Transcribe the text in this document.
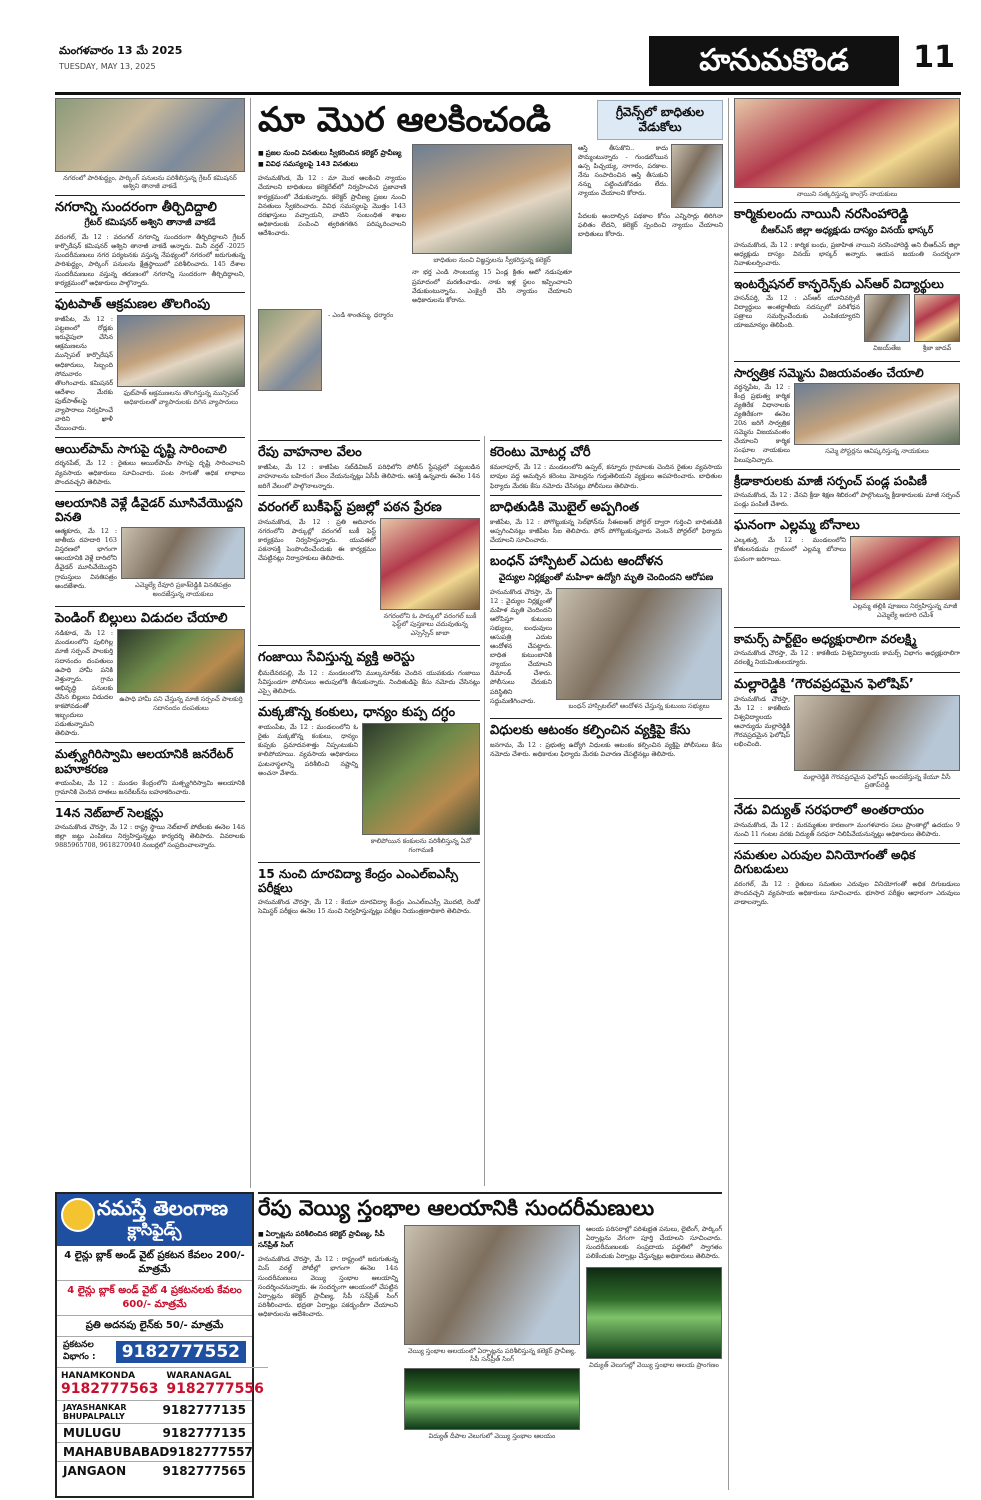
మంగళవారం 13 మే 2025
TUESDAY, MAY 13, 2025	హనుమకొండ	11
నగరంలో పారిశుద్ధ్యం, పార్కింగ్ పనులను పరిశీలిస్తున్న గ్రేటర్ కమిషనర్ అశ్విని తానాజీ వాకడే
నగరాన్ని సుందరంగా తీర్చిదిద్దాలి
గ్రేటర్ కమిషనర్ అశ్విని తానాజీ వాకడే
వరంగల్, మే 12 : వరంగల్ నగరాన్ని సుందరంగా తీర్చిదిద్దాలని గ్రేటర్ కార్పొరేషన్ కమిషనర్ అశ్విని తానాజీ వాకడే అన్నారు. మినీ వర్షల్ -2025 సుందరీమణులు నగర పర్యటనకు వస్తున్న నేపథ్యంలో నగరంలో జరుగుతున్న పారిశుద్ధ్యం, పార్కింగ్ పనులను క్షేత్రస్థాయిలో పరిశీలించారు. 145 దేశాల సుందరీమణులు వస్తున్న తరుణంలో నగరాన్ని సుందరంగా తీర్చిదిద్దాలని, కార్యక్రమంలో అధికారులు పాల్గొన్నారు.
ఫుటపాత్ ఆక్రమణల తొలగింపు
కాజీపేట, మే 12 : పట్టణంలో రోడ్లకు ఇరువైపులా చేసిన ఆక్రమణలను మున్సిపల్ కార్పొరేషన్ అధికారులు, సిబ్బంది సోమవారం తొలగించారు. కమిషనర్ ఆదేశాల మేరకు ఫుట్‌పాత్‌లపై వ్యాపారాలు నిర్వహించే వారిని ఖాళీ చేయించారు.
ఫుట్‌పాత్ ఆక్రమణలను తొలగిస్తున్న మున్సిపల్ అధికారులతో వ్యాపారులకు దిగిన వ్యాపారులు
ఆయిల్‌పామ్ సాగుపై దృష్టి సారించాలి
దర్శనపేట్, మే 12 : రైతులు ఆయిల్‌పామ్ సాగుపై దృష్టి సారించాలని వ్యవసాయ అధికారులు సూచించారు. పంట సాగుతో అధిక లాభాలు పొందవచ్చని తెలిపారు.
ఆలయానికి వెళ్లే డీవైడర్ మూసివేయొద్దని వినతి
ఆత్మకూరు, మే 12 : జాతీయ రహదారి 163 విస్తరణలో భాగంగా ఆలయానికి వెళ్లే దారిలోని డీవైడర్ మూసివేయొద్దని గ్రామస్తులు వినతిపత్రం అందజేశారు.	ఎమ్మెల్యే రేవూరి ప్రకాశ్‌రెడ్డికి వినతిపత్రం అందజేస్తున్న నాయకులు
పెండింగ్ బిల్లులు విడుదల చేయాలి
నడికూడ, మే 12 : మండలంలోని పులిగిల్ల మాజీ సర్పంచ్ పాలకుర్తి సదానందం దంపతులు ఉపాధి హామీ పనికి వెళ్తున్నారు. గ్రామ అభివృద్ధి పనులకు చేసిన బిల్లులు విడుదల కాకపోవడంతో ఇబ్బందులు పడుతున్నామని తెలిపారు.
ఉపాధి హామీ పని చేస్తున్న మాజీ సర్పంచ్ పాలకుర్తి సదానందం దంపతులు
మత్స్యగిరిస్వామి ఆలయానికి జనరేటర్ బహూకరణ
శాయంపేట, మే 12 : మండల కేంద్రంలోని మత్స్యగిరిస్వామి ఆలయానికి గ్రామానికి చెందిన దాతలు జనరేటర్‌ను బహూకరించారు.
14న నెట్‌బాల్ సెలక్షన్లు
హనుమకొండ చౌరస్తా, మే 12 : రాష్ట్ర స్థాయి నెట్‌బాల్ పోటీలకు ఈనెల 14న జిల్లా జట్టు ఎంపికలు నిర్వహిస్తున్నట్లు కార్యదర్శి తెలిపారు. వివరాలకు 9885965708, 9618270940 నంబర్లలో సంప్రదించాలన్నారు.
మా మొర ఆలకించండి	గ్రీవెన్స్‌లో బాధితుల వేడుకోలు
■ ప్రజల నుంచి వినతులు స్వీకరించిన కలెక్టర్ ప్రావీణ్య
■ వివిధ సమస్యలపై 143 వినతులు
హనుమకొండ, మే 12 : మా మొర ఆలకించి న్యాయం చేయాలని బాధితులు కలెక్టరేట్‌లో నిర్వహించిన ప్రజావాణి కార్యక్రమంలో వేడుకున్నారు. కలెక్టర్ ప్రావీణ్య ప్రజల నుంచి వినతులు స్వీకరించారు. వివిధ సమస్యలపై మొత్తం 143 దరఖాస్తులు వచ్చాయని, వాటిని సంబంధిత శాఖల అధికారులకు పంపించి త్వరితగతిన పరిష్కరించాలని ఆదేశించారు.
బాధితుల నుంచి విజ్ఞప్తులను స్వీకరిస్తున్న కలెక్టర్
నా భర్త ఎండి సాంబయ్య 15 ఏండ్ల క్రితం ఆటో నడుపుతూ ప్రమాదంలో మరణించాడు. నాకు ఇళ్ల స్థలం ఇప్పించాలని వేడుకుంటున్నాను. ఎంక్వైరీ చేసి న్యాయం చేయాలని అధికారులను కోరాను.
ఆస్తి తీసుకొని.. కాదు పొమ్మంటున్నారు - గుండబోయిన ఉస్స పిచ్చయ్య, నాగారం, పరకాల. నేను సంపాదించిన ఆస్తి తీసుకుని నన్ను పట్టించుకోవడం లేదు. న్యాయం చేయాలని కోరారు.
పేదలకు అందాల్సిన పథకాల కోసం ఎన్నిసార్లు తిరిగినా ఫలితం లేదని, కలెక్టర్ స్పందించి న్యాయం చేయాలని బాధితులు కోరారు.
- ఎండి శాంతమ్మ, ధర్మారం
రేపు వాహనాల వేలం
కాజీపేట, మే 12 : కాజీపేట సబ్‌డివిజన్ పరిధిలోని పోలీస్ స్టేషన్లలో పట్టుబడిన వాహనాలను బహిరంగ వేలం వేయనున్నట్లు ఏసీపీ తెలిపారు. ఆసక్తి ఉన్నవారు ఈనెల 14న జరిగే వేలంలో పాల్గొనాలన్నారు.
వరంగల్ బుకీఫెస్ట్ ప్రజల్లో పఠన ప్రేరణ
హనుమకొండ, మే 12 : ప్రతి ఆదివారం నగరంలోని పార్కుల్లో వరంగల్ బుకీ ఫెస్ట్ కార్యక్రమం నిర్వహిస్తున్నారు. యువతలో పఠనాసక్తి పెంపొందించేందుకు ఈ కార్యక్రమం చేపట్టినట్లు నిర్వాహకులు తెలిపారు.
నగరంలోని ఓ పార్కులో వరంగల్ బుకీ ఫెస్ట్‌లో పుస్తకాలు చదువుతున్న ఎస్సెస్సేన్ జాబా
గంజాయి సేవిస్తున్న వ్యక్తి అరెస్టు
భీమదేవరపల్లి, మే 12 : మండలంలోని ముల్కనూర్‌కు చెందిన యువకుడు గంజాయి సేవిస్తుండగా పోలీసులు అదుపులోకి తీసుకున్నారు. నిందితుడిపై కేసు నమోదు చేసినట్లు ఎస్సై తెలిపారు.
మక్కజొన్న కంకులు, ధాన్యం కుప్ప దగ్ధం
శాయంపేట, మే 12 : మండలంలోని ఓ రైతు మక్కజొన్న కంకులు, ధాన్యం కుప్పకు ప్రమాదవశాత్తు నిప్పంటుకుని కాలిపోయాయి. వ్యవసాయ అధికారులు ఘటనాస్థలాన్ని పరిశీలించి నష్టాన్ని అంచనా వేశారు.
కాలిపోయిన కంకులను పరిశీలిస్తున్న ఏవో గంగామణి
15 నుంచి దూరవిద్యా కేంద్రం ఎంఎల్‌ఐఎస్సీ పరీక్షలు
హనుమకొండ చౌరస్తా, మే 12 : కేయూ దూరవిద్యా కేంద్రం ఎంఎల్‌ఐఎస్సీ మొదటి, రెండో సెమిస్టర్ పరీక్షలు ఈనెల 15 నుంచి నిర్వహిస్తున్నట్లు పరీక్షల నియంత్రణాధికారి తెలిపారు.
కరెంటు మోటర్ల చోరీ
కమలాపూర్, మే 12 : మండలంలోని ఉప్పల్, కన్నూరు గ్రామాలకు చెందిన రైతుల వ్యవసాయ బావుల వద్ద అమర్చిన కరెంటు మోటర్లను గుర్తుతెలియని వ్యక్తులు అపహరించారు. బాధితుల ఫిర్యాదు మేరకు కేసు నమోదు చేసినట్లు పోలీసులు తెలిపారు.
బాధితుడికి మొబైల్ అప్పగింత
కాజీపేట, మే 12 : పోగొట్టుకున్న సెల్‌ఫోన్‌ను సీఈఐఆర్ పోర్టల్ ద్వారా గుర్తించి బాధితుడికి అప్పగించినట్లు కాజీపేట సీఐ తెలిపారు. ఫోన్ పోగొట్టుకున్నవారు వెంటనే పోర్టల్‌లో ఫిర్యాదు చేయాలని సూచించారు.
బంధన్ హాస్పిటల్ ఎదుట ఆందోళన
వైద్యుల నిర్లక్ష్యంతో మహిళా ఉద్యోగి మృతి చెందిందని ఆరోపణ
హనుమకొండ చౌరస్తా, మే 12 : వైద్యుల నిర్లక్ష్యంతో మహిళ మృతి చెందిందని ఆరోపిస్తూ కుటుంబ సభ్యులు, బంధువులు ఆసుపత్రి ఎదుట ఆందోళన చేపట్టారు. బాధిత కుటుంబానికి న్యాయం చేయాలని డిమాండ్ చేశారు. పోలీసులు చేరుకుని పరిస్థితిని సద్దుమణిగించారు.
బంధన్ హాస్పిటల్‌లో ఆందోళన చేస్తున్న కుటుంబ సభ్యులు
విధులకు ఆటంకం కల్పించిన వ్యక్తిపై కేసు
జనగామ, మే 12 : ప్రభుత్వ ఉద్యోగి విధులకు ఆటంకం కల్పించిన వ్యక్తిపై పోలీసులు కేసు నమోదు చేశారు. అధికారుల ఫిర్యాదు మేరకు విచారణ చేపట్టినట్లు తెలిపారు.
నాయిని సత్కరిస్తున్న కాంగ్రెస్ నాయకులు
కార్మికులందు నాయినీ నరసింహారెడ్డి
బీఆర్ఎస్ జిల్లా అధ్యక్షుడు దాస్యం వినయ్ భాస్కర్
హనుమకొండ, మే 12 : కార్మిక బంధు, ప్రజాహిత నాయిని నరసింహారెడ్డి అని బీఆర్ఎస్ జిల్లా అధ్యక్షుడు దాస్యం వినయ్ భాస్కర్ అన్నారు. ఆయన జయంతి సందర్భంగా నివాళులర్పించారు.
ఇంటర్నేషనల్ కాన్ఫరెన్స్‌కు ఎస్ఆర్ విద్యార్థులు
హసన్‌పర్తి, మే 12 : ఎస్ఆర్ యూనివర్సిటీ విద్యార్థులు అంతర్జాతీయ సదస్సులో పరిశోధన పత్రాలు సమర్పించేందుకు ఎంపికయ్యారని యాజమాన్యం తెలిపింది.
విజయ్‌తేజ	శ్రీజా జాదవ్
సార్వత్రిక సమ్మెను విజయవంతం చేయాలి
వర్ధన్నపేట, మే 12 : కేంద్ర ప్రభుత్వ కార్మిక వ్యతిరేక విధానాలకు వ్యతిరేకంగా ఈనెల 20న జరిగే సార్వత్రిక సమ్మెను విజయవంతం చేయాలని కార్మిక సంఘాల నాయకులు పిలుపునిచ్చారు.
సమ్మె పోస్టర్లను ఆవిష్కరిస్తున్న నాయకులు
క్రీడాకారులకు మాజీ సర్పంచ్ పండ్ల పంపిణీ
హనుమకొండ, మే 12 : వేసవి క్రీడా శిక్షణ శిబిరంలో పాల్గొంటున్న క్రీడాకారులకు మాజీ సర్పంచ్ పండ్లు పంపిణీ చేశారు.
ఘనంగా ఎల్లమ్మ బోనాలు
ఎల్కతుర్తి, మే 12 : మండలంలోని కోతులనడుమ గ్రామంలో ఎల్లమ్మ బోనాలు ఘనంగా జరిగాయి.
ఎల్లమ్మ తల్లికి పూజలు నిర్వహిస్తున్న మాజీ ఎమ్మెల్యే ఆరూరి రమేశ్
కామర్స్ పార్ట్‌టైం అధ్యక్షురాలిగా వరలక్ష్మి
హనుమకొండ చౌరస్తా, మే 12 : కాకతీయ విశ్వవిద్యాలయ కామర్స్ విభాగం అధ్యక్షురాలిగా వరలక్ష్మి నియమితులయ్యారు.
మల్లారెడ్డికి ‘గౌరవప్రదమైన ఫెలోషిప్’
హనుమకొండ చౌరస్తా, మే 12 : కాకతీయ విశ్వవిద్యాలయ ఆచార్యుడు మల్లారెడ్డికి గౌరవప్రదమైన ఫెలోషిప్ లభించింది.
మల్లారెడ్డికి గౌరవప్రదమైన ఫెలోషిప్ అందజేస్తున్న కేయూ వీసీ ప్రతాప్‌రెడ్డి
నేడు విద్యుత్ సరఫరాలో అంతరాయం
హనుమకొండ, మే 12 : మరమ్మతుల కారణంగా మంగళవారం పలు ప్రాంతాల్లో ఉదయం 9 నుంచి 11 గంటల వరకు విద్యుత్ సరఫరా నిలిపివేయనున్నట్లు అధికారులు తెలిపారు.
సమతుల ఎరువుల వినియోగంతో అధిక దిగుబడులు
వరంగల్, మే 12 : రైతులు సమతుల ఎరువుల వినియోగంతో అధిక దిగుబడులు పొందవచ్చని వ్యవసాయ అధికారులు సూచించారు. భూసార పరీక్షల ఆధారంగా ఎరువులు వాడాలన్నారు.
రేపు వెయ్యి స్తంభాల ఆలయానికి సుందరీమణులు
■ ఏర్పాట్లను పరిశీలించిన కలెక్టర్ ప్రావీణ్య, సీపీ సన్‌ప్రీత్ సింగ్
హనుమకొండ చౌరస్తా, మే 12 : రాష్ట్రంలో జరుగుతున్న మిస్ వరల్డ్ పోటీల్లో భాగంగా ఈనెల 14న సుందరీమణులు వెయ్యి స్తంభాల ఆలయాన్ని సందర్శించనున్నారు. ఈ సందర్భంగా ఆలయంలో చేపట్టిన ఏర్పాట్లను కలెక్టర్ ప్రావీణ్య, సీపీ సన్‌ప్రీత్ సింగ్ పరిశీలించారు. భద్రతా ఏర్పాట్లు పకడ్బందీగా చేయాలని అధికారులను ఆదేశించారు.
వెయ్యి స్తంభాల ఆలయంలో ఏర్పాట్లను పరిశీలిస్తున్న కలెక్టర్ ప్రావీణ్య, సీపీ సన్‌ప్రీత్ సింగ్
విద్యుత్ దీపాల వెలుగులో వెయ్యి స్తంభాల ఆలయం
ఆలయ పరిసరాల్లో పరిశుభ్రత పనులు, లైటింగ్, పార్కింగ్ ఏర్పాట్లను వేగంగా పూర్తి చేయాలని సూచించారు. సుందరీమణులకు సంప్రదాయ పద్ధతిలో స్వాగతం పలికేందుకు ఏర్పాట్లు చేస్తున్నట్లు అధికారులు తెలిపారు.
విద్యుత్ వెలుగుల్లో వెయ్యి స్తంభాల ఆలయ ప్రాంగణం
నమస్తే తెలంగాణ
క్లాసిఫైడ్స్
4 లైన్లు బ్లాక్ అండ్ వైట్ ప్రకటన కేవలం 200/- మాత్రమే
4 లైన్లు బ్లాక్ అండ్ వైట్ 4 ప్రకటనలకు కేవలం 600/- మాత్రమే
ప్రతి అదనపు లైన్‌కు 50/- మాత్రమే
ప్రకటనల విభాగం :	9182777552
HANAMKONDA
9182777563
WARANAGAL
9182777556
JAYASHANKAR BHUPALPALLY	9182777135
MULUGU	9182777135
MAHABUBABAD 9182777557
JANGAON	9182777565
